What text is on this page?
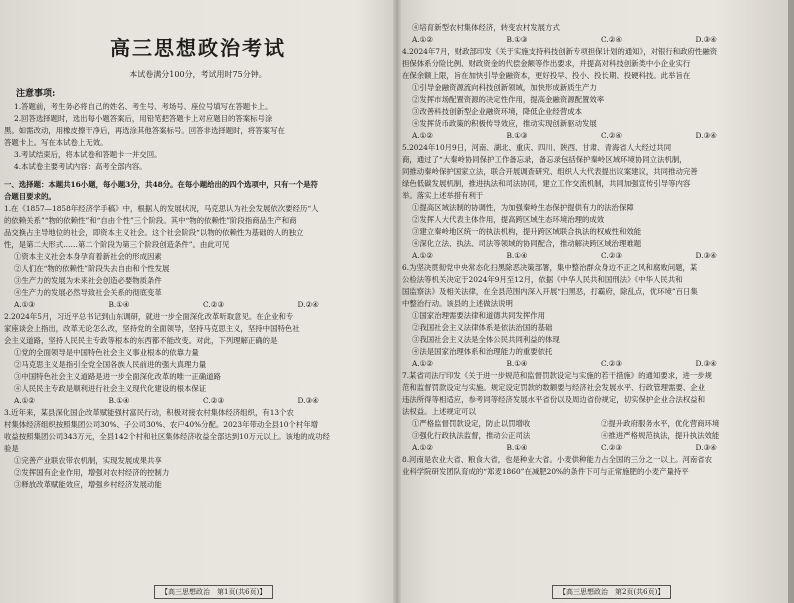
高三思想政治考试
本试卷满分100分，考试用时75分钟。
注意事项:

1.答题前，考生务必将自己的姓名、考生号、考场号、座位号填写在答题卡上。

2.回答选择题时，选出每小题答案后，用铅笔把答题卡上对应题目的答案标号涂

黑。如需改动，用橡皮擦干净后，再选涂其他答案标号。回答非选择题时，将答案写在

答题卡上。写在本试卷上无效。

3.考试结束后，将本试卷和答题卡一并交回。

4.本试卷主要考试内容：高考全部内容。

一、选择题：本题共16小题，每小题3分，共48分。在每小题给出的四个选项中，只有一个是符

合题目要求的。

1.在《1857—1858年经济学手稿》中，根据人的发展状况，马克思认为社会发展依次要经历“人

的依赖关系”“物的依赖性”和“自由个性”三个阶段。其中“物的依赖性”阶段指商品生产和商

品交换占主导地位的社会，即资本主义社会。这个社会阶段“以物的依赖性为基础的人的独立

性，是第二大形式……第二个阶段为第三个阶段创造条件”。由此可见

①资本主义社会本身孕育着新社会的形成因素

②人们在“物的依赖性”阶段失去自由和个性发展

③生产力的发展为未来社会创造必要物质条件

④生产力的发展必然导致社会关系的彻底变革

A.①③	B.①④	C.②③	D.②④

2.2024年5月，习近平总书记到山东调研，就进一步全面深化改革听取意见。在企业和专

家座谈会上指出，改革无论怎么改，坚持党的全面领导，坚持马克思主义，坚持中国特色社

会主义道路，坚持人民民主专政等根本的东西都不能改变。对此，下列理解正确的是

①党的全面领导是中国特色社会主义事业根本的依靠力量

②马克思主义是指引全党全国各族人民前进的强大真理力量

③中国特色社会主义道路是进一步全面深化改革的唯一正确道路

④人民民主专政是顺利进行社会主义现代化建设的根本保证

A.①②	B.①④	C.②③	D.③④

3.近年来，某县深化国企改革赋能强村富民行动，积极对接农村集体经济组织，有13个农

村集体经济组织按照集团公司30%、子公司30%、农户40%分配。2023年带动全县10个村年增

收益按照集团公司343万元，全县142个村和社区集体经济收益全部达到10万元以上。该地的成功经

验是

①完善产业联农带农机制，实现发展成果共享

②发挥国有企业作用，增强对农村经济的控制力

③释放改革赋能效应，增强乡村经济发展动能

【高三思想政治　第1页(共6页)】

④培育新型农村集体经济，转变农村发展方式

A.①②	B.①③	C.②④	D.③④

4.2024年7月，财政部印发《关于实施支持科技创新专项担保计划的通知》，对银行和政府性融资

担保体系分险比例、财政资金的代偿金额等作出要求，并提高对科技创新类中小企业实行

在保余额上限，旨在加快引导金融资本，更好投早、投小、投长期、投硬科技。此举旨在

①引导金融资源流向科技创新领域，加快形成新质生产力

②发挥市场配置资源的决定性作用，提高金融资源配置效率

③改善科技创新型企业融资环境，降低企业经营成本

④发挥货币政策的积极传导效应，推动实现创新驱动发展

A.①②	B.①③	C.②④	D.③④

5.2024年10月9日，河南、湖北、重庆、四川、陕西、甘肃、青海省人大经过共同

商，通过了“大秦岭协同保护工作备忘录，备忘录包括保护秦岭区域环境协同立法机制，

同推动秦岭保护国家立法，联合开展调查研究、组织人大代表提出议案建议，共同推动完善

绿色低碳发展机制，推进执法和司法协同，建立工作交流机制，共同加强宣传引导等内容

举。落实上述举措有利于

①提高区域法制的协调性，为加强秦岭生态保护提供有力的法治保障

②发挥人大代表主体作用，提高跨区域生态环境治理的成效

③建立秦岭地区统一的执法机构，提升跨区域联合执法的权威性和效能

④深化立法、执法、司法等领域的协同配合，推动解决跨区域治理难题

A.①②	B.①④	C.②③	D.③④

6.为坚决贯彻党中央常态化扫黑除恶决策部署，集中整治群众身边不正之风和腐败问题，某

公检法等机关决定于2024年9月至12月，依据《中华人民共和国刑法》《中华人民共和

国监察法》及相关法律，在全县范围内深入开展“扫黑恶，打霸府，除乱点，优环境”百日集

中整治行动。该县的上述做法说明

①国家治理需要法律和道德共同发挥作用

②我国社会主义法律体系是依法治国的基础

③我国社会主义法是全体公民共同利益的体现

④法是国家治理体系和治理能力的重要依托

A.①②	B.①④	C.②③	D.③④

7.某省司法厅印发《关于进一步规范和监督罚款设定与实施的若干措施》的通知要求，进一步规

范和监督罚款设定与实施。规定设定罚款的数额要与经济社会发展水平、行政管理需要、企业

违法所得等相适应，参考同等经济发展水平省份以及周边省份规定，切实保护企业合法权益和

法权益。上述规定可以

①严格监督罚款设定，防止以罚增收	②提升政府服务水平，优化营商环境
③强化行政执法监督，推动公正司法	④推进严格规范执法，提升执法效能
A.①②	B.①④	C.②③	D.③④

8.河南是农业大省、粮食大省，也是种业大省。小麦供种能力占全国的三分之一以上。河南省农

业科学院研发团队育成的“郑麦1860”在减肥20%的条件下可与正常施肥的小麦产量持平

【高三思想政治　第2页(共6页)】
